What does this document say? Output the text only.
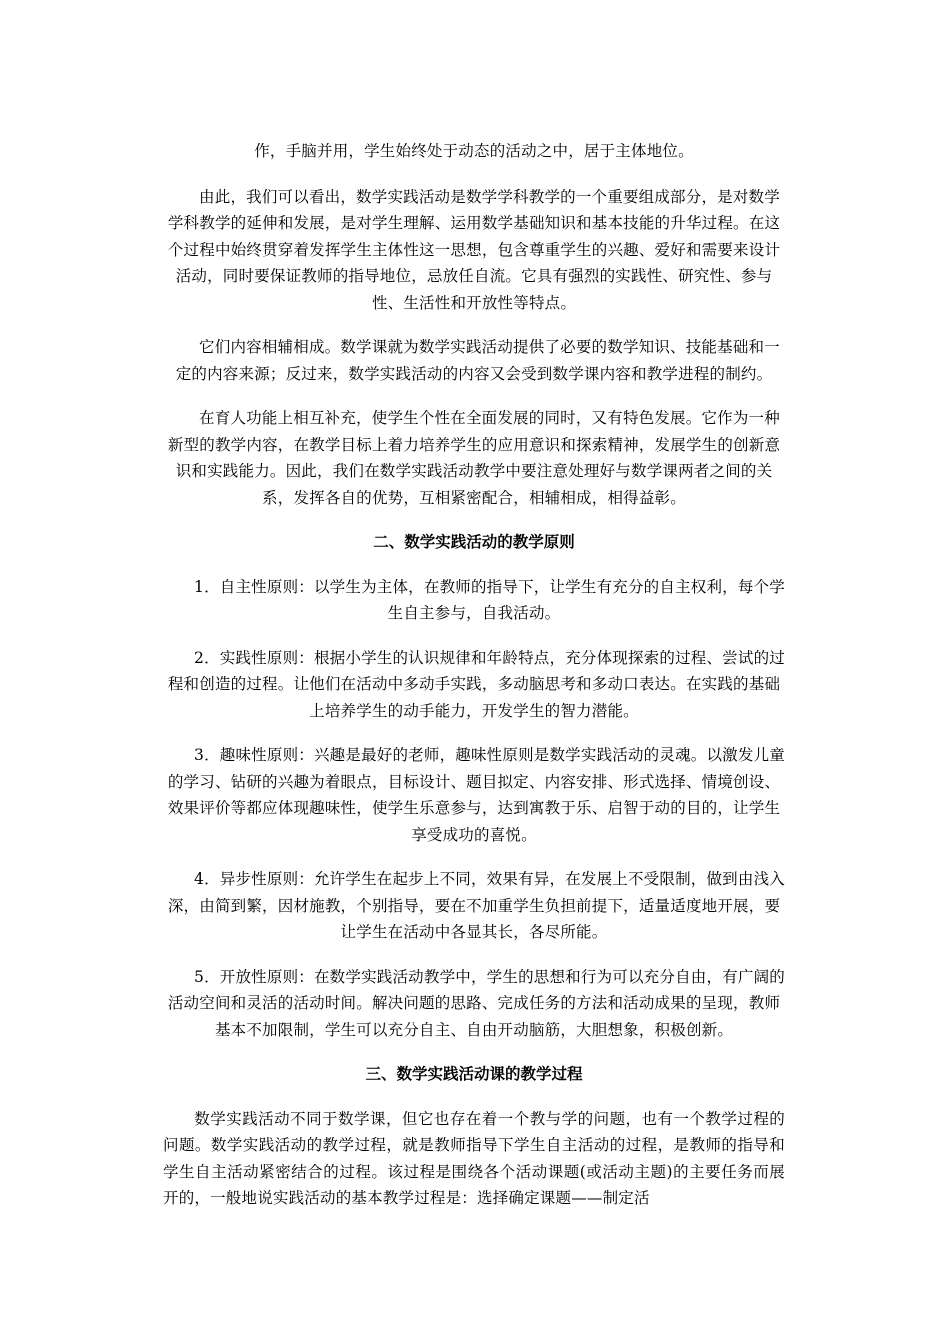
作，手脑并用，学生始终处于动态的活动之中，居于主体地位。

由此，我们可以看出，数学实践活动是数学学科教学的一个重要组成部分，是对数学学科教学的延伸和发展，是对学生理解、运用数学基础知识和基本技能的升华过程。在这个过程中始终贯穿着发挥学生主体性这一思想，包含尊重学生的兴趣、爱好和需要来设计活动，同时要保证教师的指导地位，忌放任自流。它具有强烈的实践性、研究性、参与性、生活性和开放性等特点。

它们内容相辅相成。数学课就为数学实践活动提供了必要的数学知识、技能基础和一定的内容来源；反过来，数学实践活动的内容又会受到数学课内容和教学进程的制约。

在育人功能上相互补充，使学生个性在全面发展的同时，又有特色发展。它作为一种新型的教学内容，在教学目标上着力培养学生的应用意识和探索精神，发展学生的创新意识和实践能力。因此，我们在数学实践活动教学中要注意处理好与数学课两者之间的关系，发挥各自的优势，互相紧密配合，相辅相成，相得益彰。

二、数学实践活动的教学原则

1．自主性原则：以学生为主体，在教师的指导下，让学生有充分的自主权利，每个学生自主参与，自我活动。

2．实践性原则：根据小学生的认识规律和年龄特点，充分体现探索的过程、尝试的过程和创造的过程。让他们在活动中多动手实践，多动脑思考和多动口表达。在实践的基础上培养学生的动手能力，开发学生的智力潜能。

3．趣味性原则：兴趣是最好的老师，趣味性原则是数学实践活动的灵魂。以激发儿童的学习、钻研的兴趣为着眼点，目标设计、题目拟定、内容安排、形式选择、情境创设、效果评价等都应体现趣味性，使学生乐意参与，达到寓教于乐、启智于动的目的，让学生享受成功的喜悦。

4．异步性原则：允许学生在起步上不同，效果有异，在发展上不受限制，做到由浅入深，由简到繁，因材施教，个别指导，要在不加重学生负担前提下，适量适度地开展，要让学生在活动中各显其长，各尽所能。

5．开放性原则：在数学实践活动教学中，学生的思想和行为可以充分自由，有广阔的活动空间和灵活的活动时间。解决问题的思路、完成任务的方法和活动成果的呈现，教师基本不加限制，学生可以充分自主、自由开动脑筋，大胆想象，积极创新。

三、数学实践活动课的教学过程

数学实践活动不同于数学课，但它也存在着一个教与学的问题，也有一个教学过程的问题。数学实践活动的教学过程，就是教师指导下学生自主活动的过程，是教师的指导和学生自主活动紧密结合的过程。该过程是围绕各个活动课题(或活动主题)的主要任务而展开的，一般地说实践活动的基本教学过程是：选择确定课题——制定活
